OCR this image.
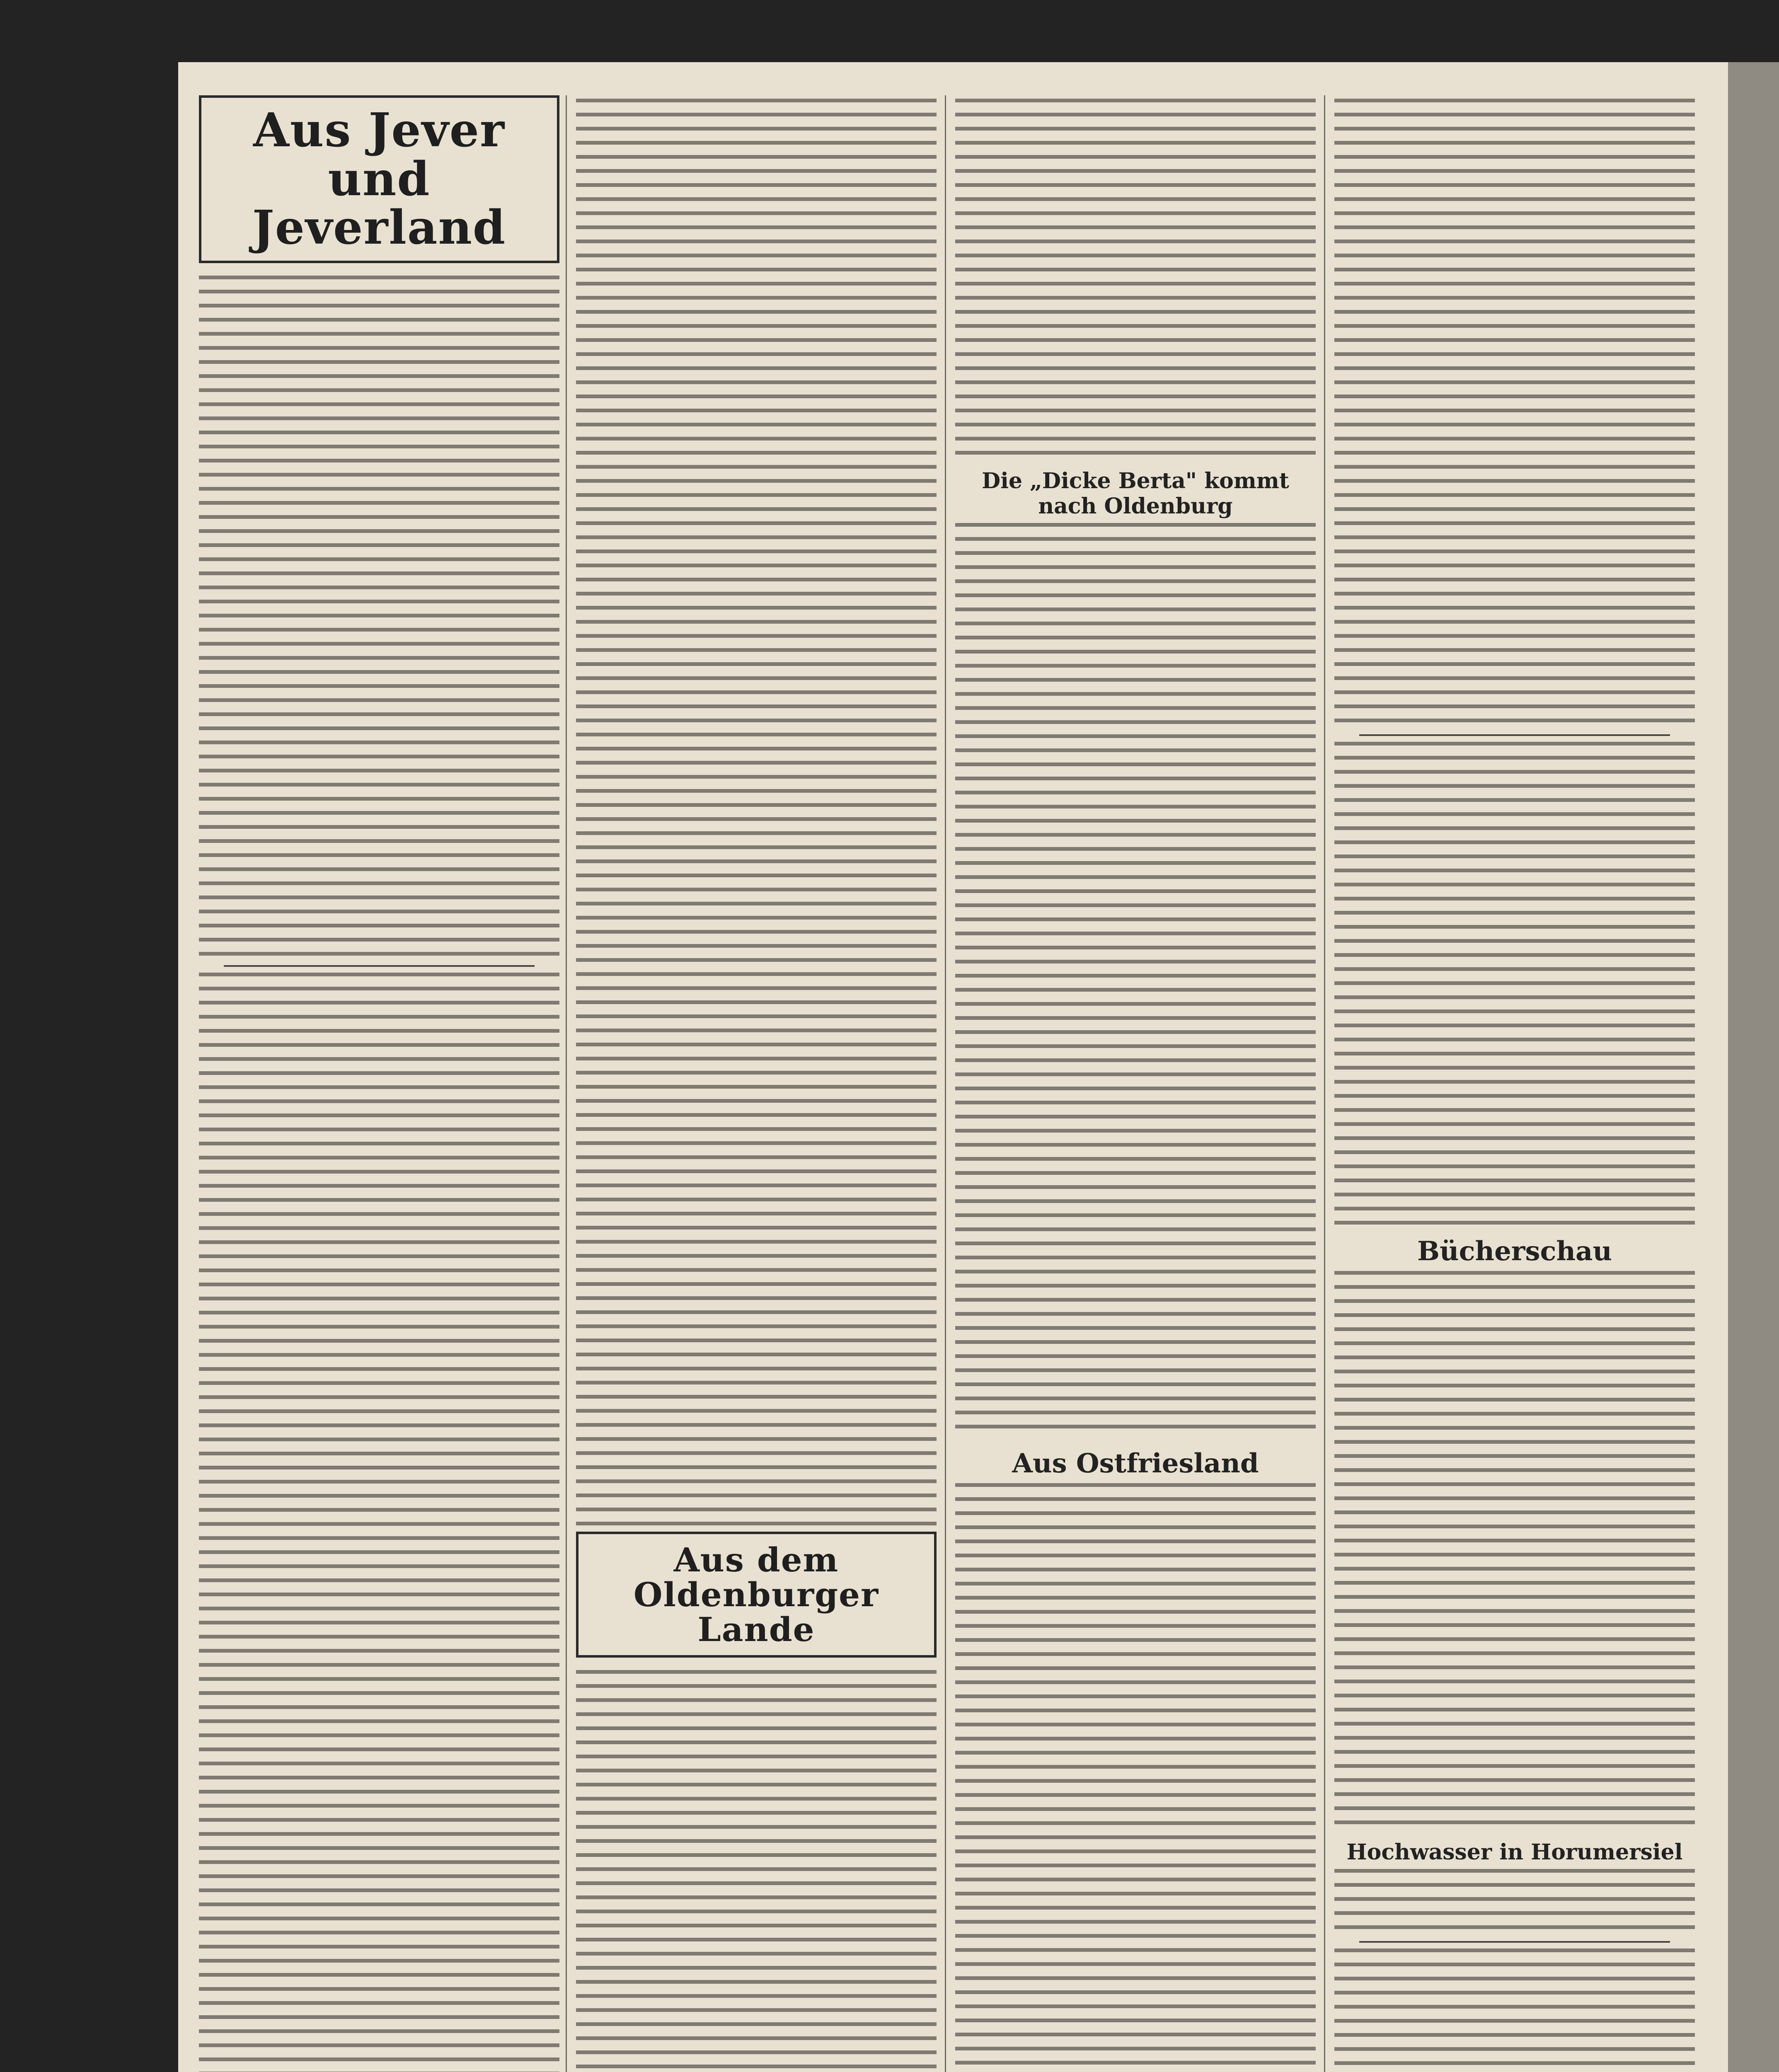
Aus Jever
und Jeverland
Aus dem Oldenburger
Lande
Die „Dicke Berta" kommt nach Oldenburg
Aus Ostfriesland
Bücherschau
Hochwasser in Horumersiel
